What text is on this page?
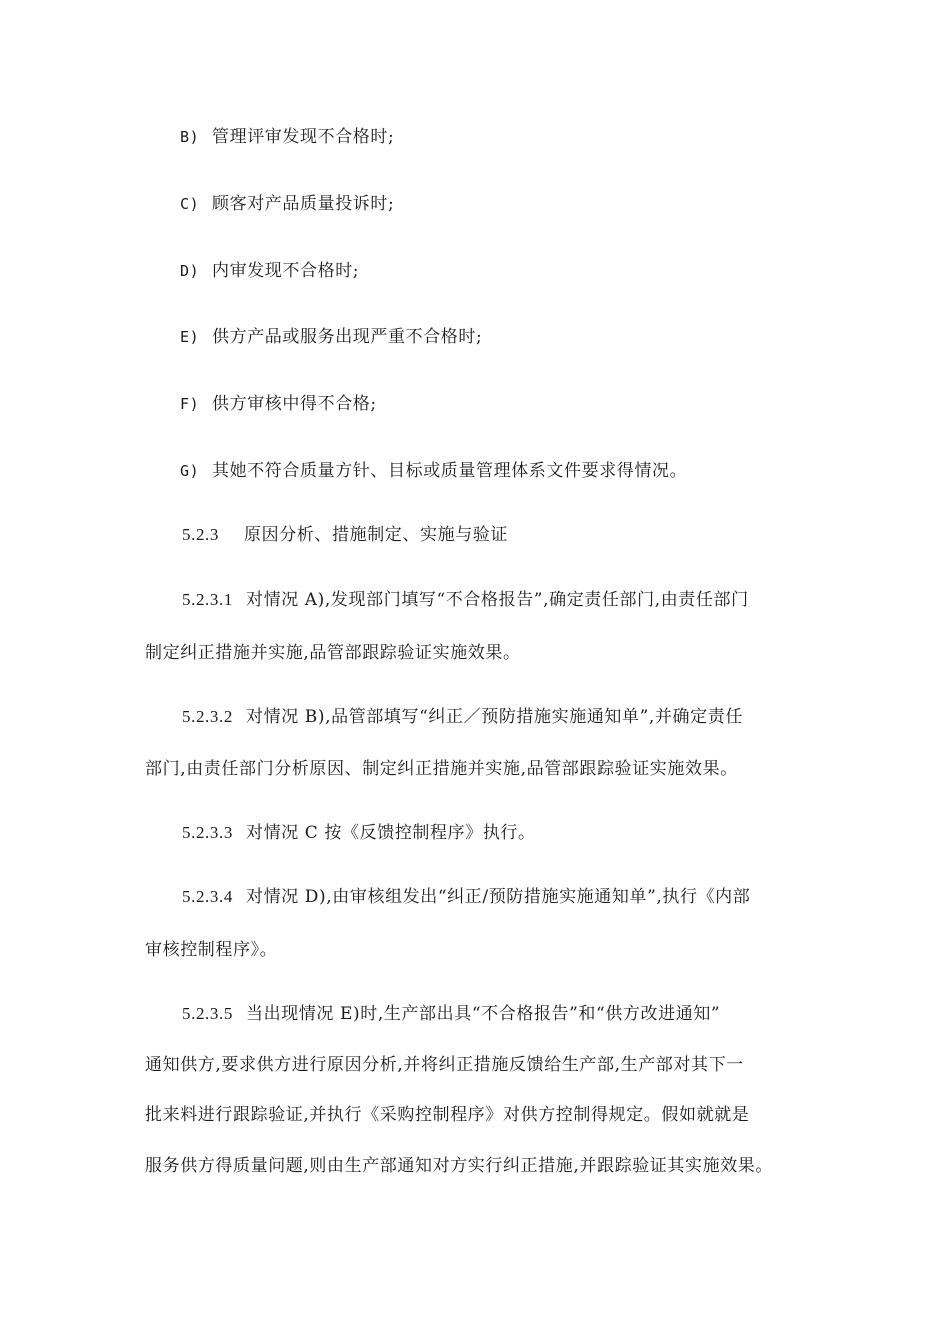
B) 管理评审发现不合格时;
C) 顾客对产品质量投诉时;
D) 内审发现不合格时;
E) 供方产品或服务出现严重不合格时;
F) 供方审核中得不合格;
G) 其她不符合质量方针、目标或质量管理体系文件要求得情况。
5.2.3 原因分析、措施制定、实施与验证
5.2.3.1 对情况 A),发现部门填写“不合格报告”,确定责任部门,由责任部门
制定纠正措施并实施,品管部跟踪验证实施效果。
5.2.3.2 对情况 B),品管部填写“纠正／预防措施实施通知单”,并确定责任
部门,由责任部门分析原因、制定纠正措施并实施,品管部跟踪验证实施效果。
5.2.3.3 对情况 C 按《反馈控制程序》执行。
5.2.3.4 对情况 D),由审核组发出“纠正/预防措施实施通知单”,执行《内部
审核控制程序》。
5.2.3.5 当出现情况 E)时,生产部出具“不合格报告”和“供方改进通知”
通知供方,要求供方进行原因分析,并将纠正措施反馈给生产部,生产部对其下一
批来料进行跟踪验证,并执行《采购控制程序》对供方控制得规定。假如就就是
服务供方得质量问题,则由生产部通知对方实行纠正措施,并跟踪验证其实施效果。
